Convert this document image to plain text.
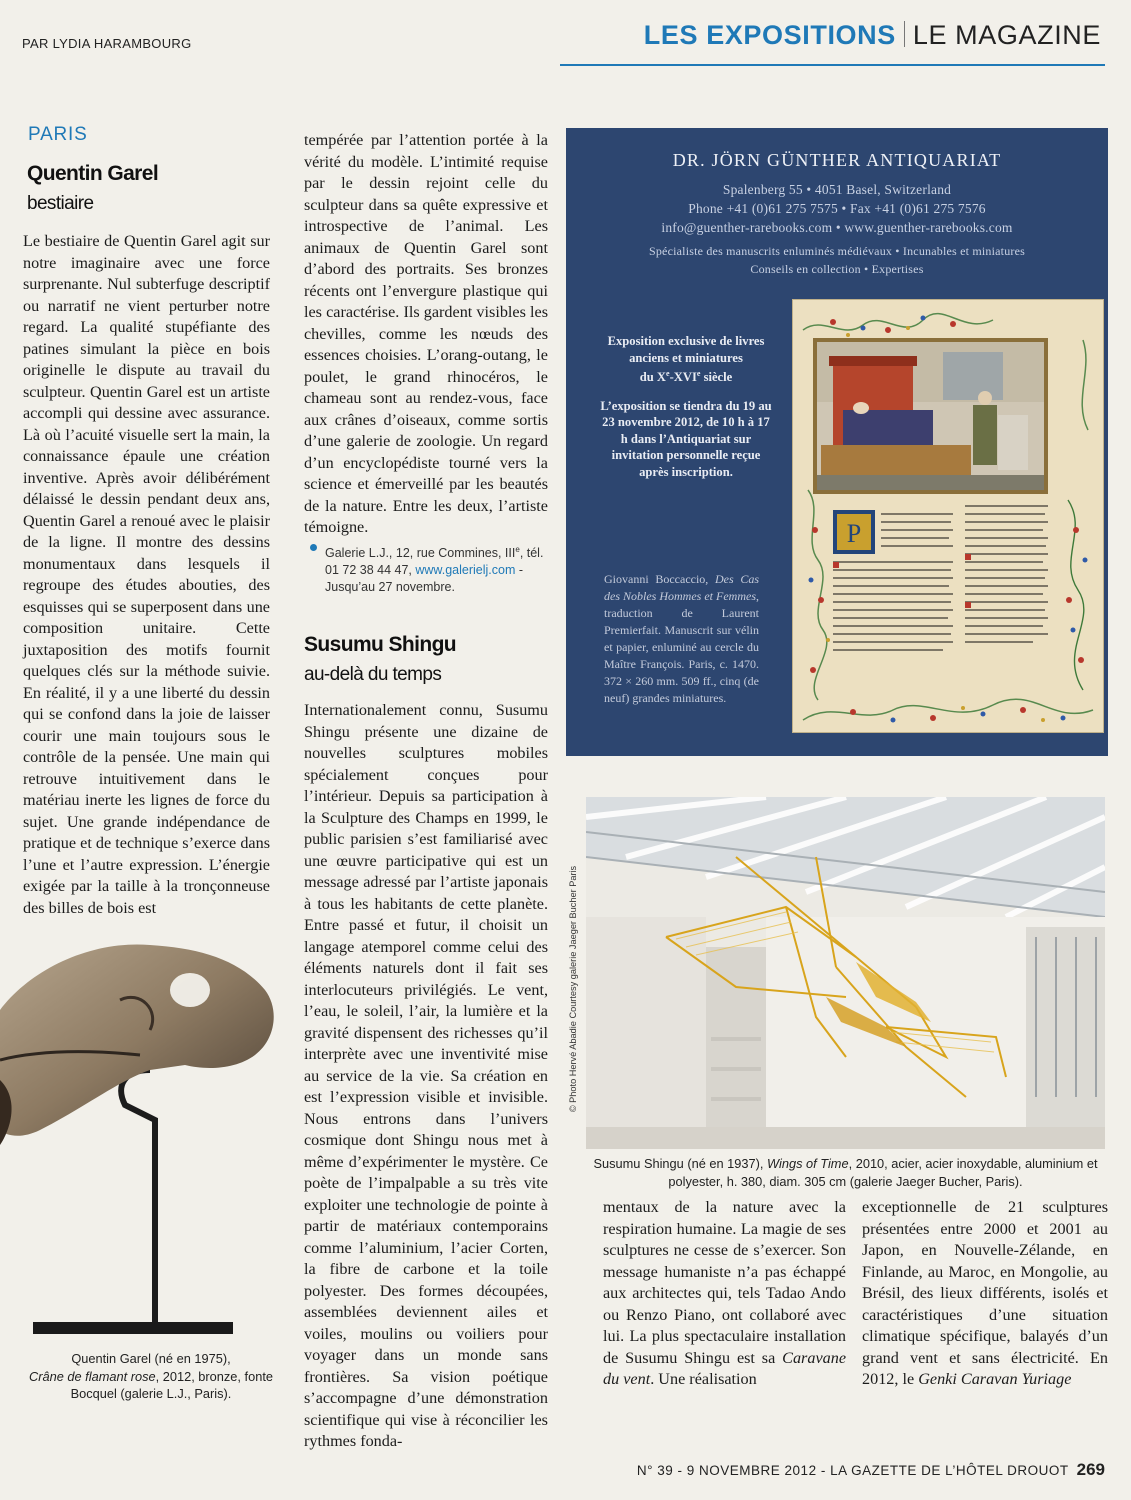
PAR LYDIA HARAMBOURG	LES EXPOSITIONS LE MAGAZINE
PARIS
Quentin Garel
bestiaire

Le bestiaire de Quentin Garel agit sur notre imaginaire avec une force surprenante. Nul subterfuge descriptif ou narratif ne vient perturber notre regard. La qualité stupéfiante des patines simulant la pièce en bois originelle le dispute au travail du sculpteur. Quentin Garel est un artiste accompli qui dessine avec assurance. Là où l’acuité visuelle sert la main, la connaissance épaule une création inventive. Après avoir délibérément délaissé le dessin pendant deux ans, Quentin Garel a renoué avec le plaisir de la ligne. Il montre des dessins monumentaux dans lesquels il regroupe des études abouties, des esquisses qui se superposent dans une composition unitaire. Cette juxtaposition des motifs fournit quelques clés sur la méthode suivie. En réalité, il y a une liberté du dessin qui se confond dans la joie de laisser courir une main toujours sous le contrôle de la pensée. Une main qui retrouve intuitivement dans le matériau inerte les lignes de force du sujet. Une grande indépendance de pratique et de technique s’exerce dans l’une et l’autre expression. L’énergie exigée par la taille à la tronçonneuse des billes de bois est

tempérée par l’attention portée à la vérité du modèle. L’intimité requise par le dessin rejoint celle du sculpteur dans sa quête expressive et introspective de l’animal. Les animaux de Quentin Garel sont d’abord des portraits. Ses bronzes récents ont l’envergure plastique qui les caractérise. Ils gardent visibles les chevilles, comme les nœuds des essences choisies. L’orang-outang, le poulet, le grand rhinocéros, le chameau sont au rendez-vous, face aux crânes d’oiseaux, comme sortis d’une galerie de zoologie. Un regard d’un encyclopédiste tourné vers la science et émerveillé par les beautés de la nature. Entre les deux, l’artiste témoigne.

Galerie L.J., 12, rue Commines, IIIe, tél. 01 72 38 44 47, www.galerielj.com - Jusqu’au 27 novembre.
Susumu Shingu
au-delà du temps

Internationalement connu, Susumu Shingu présente une dizaine de nouvelles sculptures mobiles spécialement conçues pour l’intérieur. Depuis sa participation à la Sculpture des Champs en 1999, le public parisien s’est familiarisé avec une œuvre participative qui est un message adressé par l’artiste japonais à tous les habitants de cette planète. Entre passé et futur, il choisit un langage atemporel comme celui des éléments naturels dont il fait ses interlocuteurs privilégiés. Le vent, l’eau, le soleil, l’air, la lumière et la gravité dispensent des richesses qu’il interprète avec une inventivité mise au service de la vie. Sa création en est l’expression visible et invisible. Nous entrons dans l’univers cosmique dont Shingu nous met à même d’expérimenter le mystère. Ce poète de l’impalpable a su très vite exploiter une technologie de pointe à partir de matériaux contemporains comme l’aluminium, l’acier Corten, la fibre de carbone et la toile polyester. Des formes découpées, assemblées deviennent ailes et voiles, moulins ou voiliers pour voyager dans un monde sans frontières. Sa vision poétique s’accompagne d’une démonstration scientifique qui vise à réconcilier les rythmes fonda-

mentaux de la nature avec la respiration humaine. La magie de ses sculptures ne cesse de s’exercer. Son message humaniste n’a pas échappé aux architectes qui, tels Tadao Ando ou Renzo Piano, ont collaboré avec lui. La plus spectaculaire installation de Susumu Shingu est sa Caravane du vent. Une réalisation

exceptionnelle de 21 sculptures présentées entre 2000 et 2001 au Japon, en Nouvelle-Zélande, en Finlande, au Maroc, en Mongolie, au Brésil, des lieux différents, isolés et caractéristiques d’une situation climatique spécifique, balayés d’un grand vent et sans électricité. En 2012, le Genki Caravan Yuriage

DR. JÖRN GÜNTHER ANTIQUARIAT
Spalenberg 55 • 4051 Basel, Switzerland
Phone +41 (0)61 275 7575 • Fax +41 (0)61 275 7576
info@guenther-rarebooks.com • www.guenther-rarebooks.com
Spécialiste des manuscrits enluminés médiévaux • Incunables et miniatures
Conseils en collection • Expertises
Exposition exclusive de livres anciens et miniatures
du Xe-XVIe siècle
L’exposition se tiendra du 19 au 23 novembre 2012, de 10 h à 17 h dans l’Antiquariat sur invitation personnelle reçue après inscription.
Giovanni Boccaccio, Des Cas des Nobles Hommes et Femmes, traduction de Laurent Premierfait. Manuscrit sur vélin et papier, enluminé au cercle du Maître François. Paris, c. 1470. 372 × 260 mm. 509 ff., cinq (de neuf) grandes miniatures.
P
© Photo Hervé Abadie Courtesy galerie Jaeger Bucher Paris
Susumu Shingu (né en 1937), Wings of Time, 2010, acier, acier inoxydable, aluminium et polyester, h. 380, diam. 305 cm (galerie Jaeger Bucher, Paris).
Quentin Garel (né en 1975),
Crâne de flamant rose, 2012, bronze, fonte Bocquel (galerie L.J., Paris).
N° 39 - 9 NOVEMBRE 2012 - LA GAZETTE DE L’HÔTEL DROUOT 269
